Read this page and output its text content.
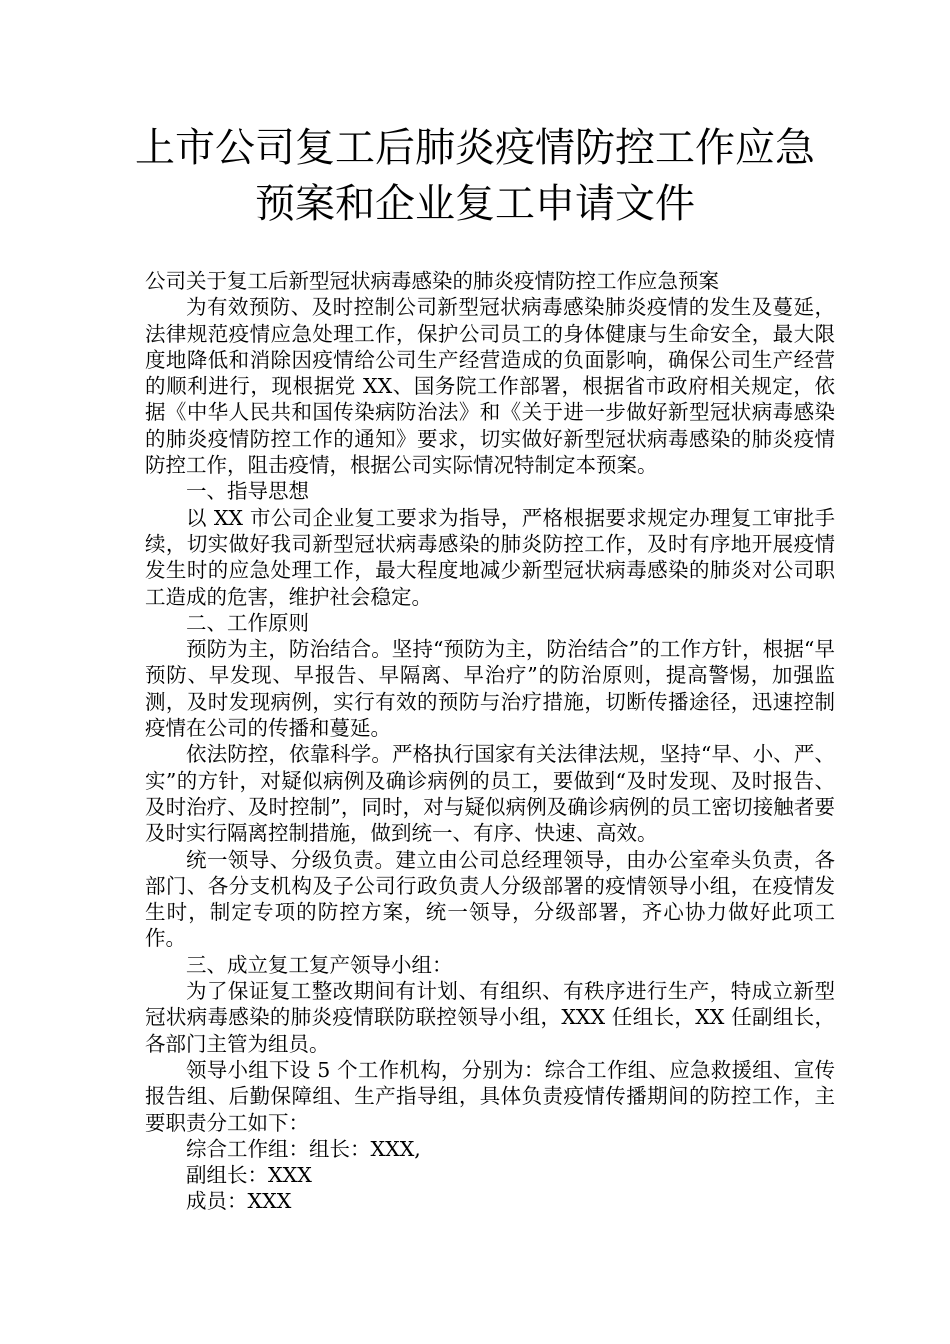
上市公司复工后肺炎疫情防控工作应急
预案和企业复工申请文件

公司关于复工后新型冠状病毒感染的肺炎疫情防控工作应急预案

为有效预防、及时控制公司新型冠状病毒感染肺炎疫情的发生及蔓延，法律规范疫情应急处理工作，保护公司员工的身体健康与生命安全，最大限度地降低和消除因疫情给公司生产经营造成的负面影响，确保公司生产经营的顺利进行，现根据党 XX、国务院工作部署，根据省市政府相关规定，依据《中华人民共和国传染病防治法》和《关于进一步做好新型冠状病毒感染的肺炎疫情防控工作的通知》要求，切实做好新型冠状病毒感染的肺炎疫情防控工作，阻击疫情，根据公司实际情况特制定本预案。

一、指导思想

以 XX 市公司企业复工要求为指导，严格根据要求规定办理复工审批手续，切实做好我司新型冠状病毒感染的肺炎防控工作，及时有序地开展疫情发生时的应急处理工作，最大程度地减少新型冠状病毒感染的肺炎对公司职工造成的危害，维护社会稳定。

二、工作原则

预防为主，防治结合。坚持“预防为主，防治结合”的工作方针，根据“早预防、早发现、早报告、早隔离、早治疗”的防治原则，提高警惕，加强监测，及时发现病例，实行有效的预防与治疗措施，切断传播途径，迅速控制疫情在公司的传播和蔓延。

依法防控，依靠科学。严格执行国家有关法律法规，坚持“早、小、严、实”的方针，对疑似病例及确诊病例的员工，要做到“及时发现、及时报告、及时治疗、及时控制”，同时，对与疑似病例及确诊病例的员工密切接触者要及时实行隔离控制措施，做到统一、有序、快速、高效。

统一领导、分级负责。建立由公司总经理领导，由办公室牵头负责，各部门、各分支机构及子公司行政负责人分级部署的疫情领导小组，在疫情发生时，制定专项的防控方案，统一领导，分级部署，齐心协力做好此项工作。

三、成立复工复产领导小组：

为了保证复工整改期间有计划、有组织、有秩序进行生产，特成立新型冠状病毒感染的肺炎疫情联防联控领导小组，XXX 任组长，XX 任副组长，各部门主管为组员。

领导小组下设 5 个工作机构，分别为：综合工作组、应急救援组、宣传报告组、后勤保障组、生产指导组，具体负责疫情传播期间的防控工作，主要职责分工如下：

综合工作组：组长：XXX,

副组长：XXX

成员：XXX
